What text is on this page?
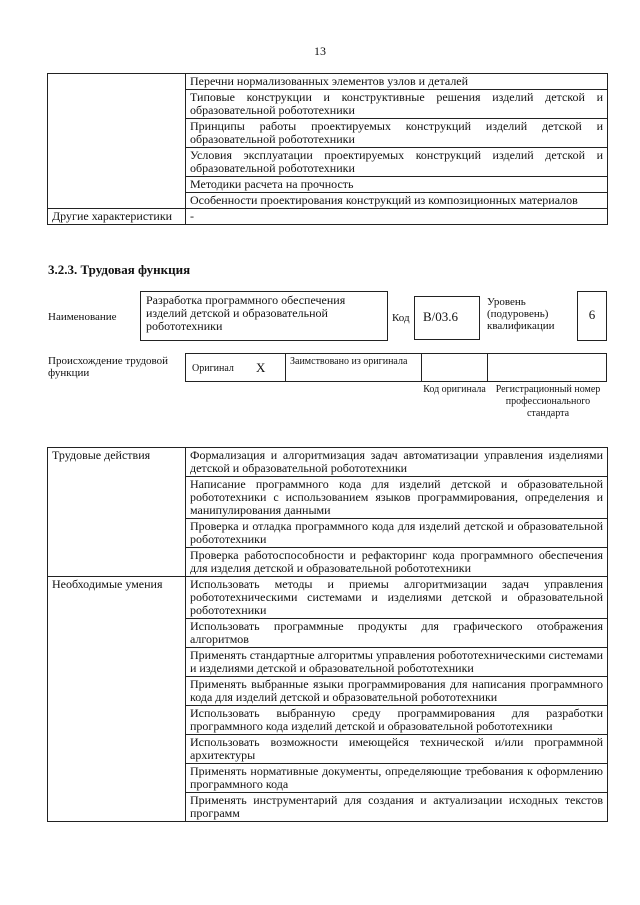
13
	Перечни нормализованных элементов узлов и деталей
	Типовые конструкции и конструктивные решения изделий детской и образовательной робототехники
	Принципы работы проектируемых конструкций изделий детской и образовательной робототехники
	Условия эксплуатации проектируемых конструкций изделий детской и образовательной робототехники
	Методики расчета на прочность
	Особенности проектирования конструкций из композиционных материалов
Другие характеристики	-
3.2.3. Трудовая функция
Наименование
Разработка программного обеспечения изделий детской и образовательной робототехники
Код	B/03.6
Уровень (подуровень) квалификации
6
Происхождение трудовой функции	Оригинал X	Заимствовано из оригинала
Код оригинала Регистрационный номер профессионального стандарта
Трудовые действия	Формализация и алгоритмизация задач автоматизации управления изделиями детской и образовательной робототехники
	Написание программного кода для изделий детской и образовательной робототехники с использованием языков программирования, определения и манипулирования данными
	Проверка и отладка программного кода для изделий детской и образовательной робототехники
	Проверка работоспособности и рефакторинг кода программного обеспечения для изделия детской и образовательной робототехники
Необходимые умения	Использовать методы и приемы алгоритмизации задач управления робототехническими системами и изделиями детской и образовательной робототехники
	Использовать программные продукты для графического отображения алгоритмов
	Применять стандартные алгоритмы управления робототехническими системами и изделиями детской и образовательной робототехники
	Применять выбранные языки программирования для написания программного кода для изделий детской и образовательной робототехники
	Использовать выбранную среду программирования для разработки программного кода изделий детской и образовательной робототехники
	Использовать возможности имеющейся технической и/или программной архитектуры
	Применять нормативные документы, определяющие требования к оформлению программного кода
	Применять инструментарий для создания и актуализации исходных текстов программ
